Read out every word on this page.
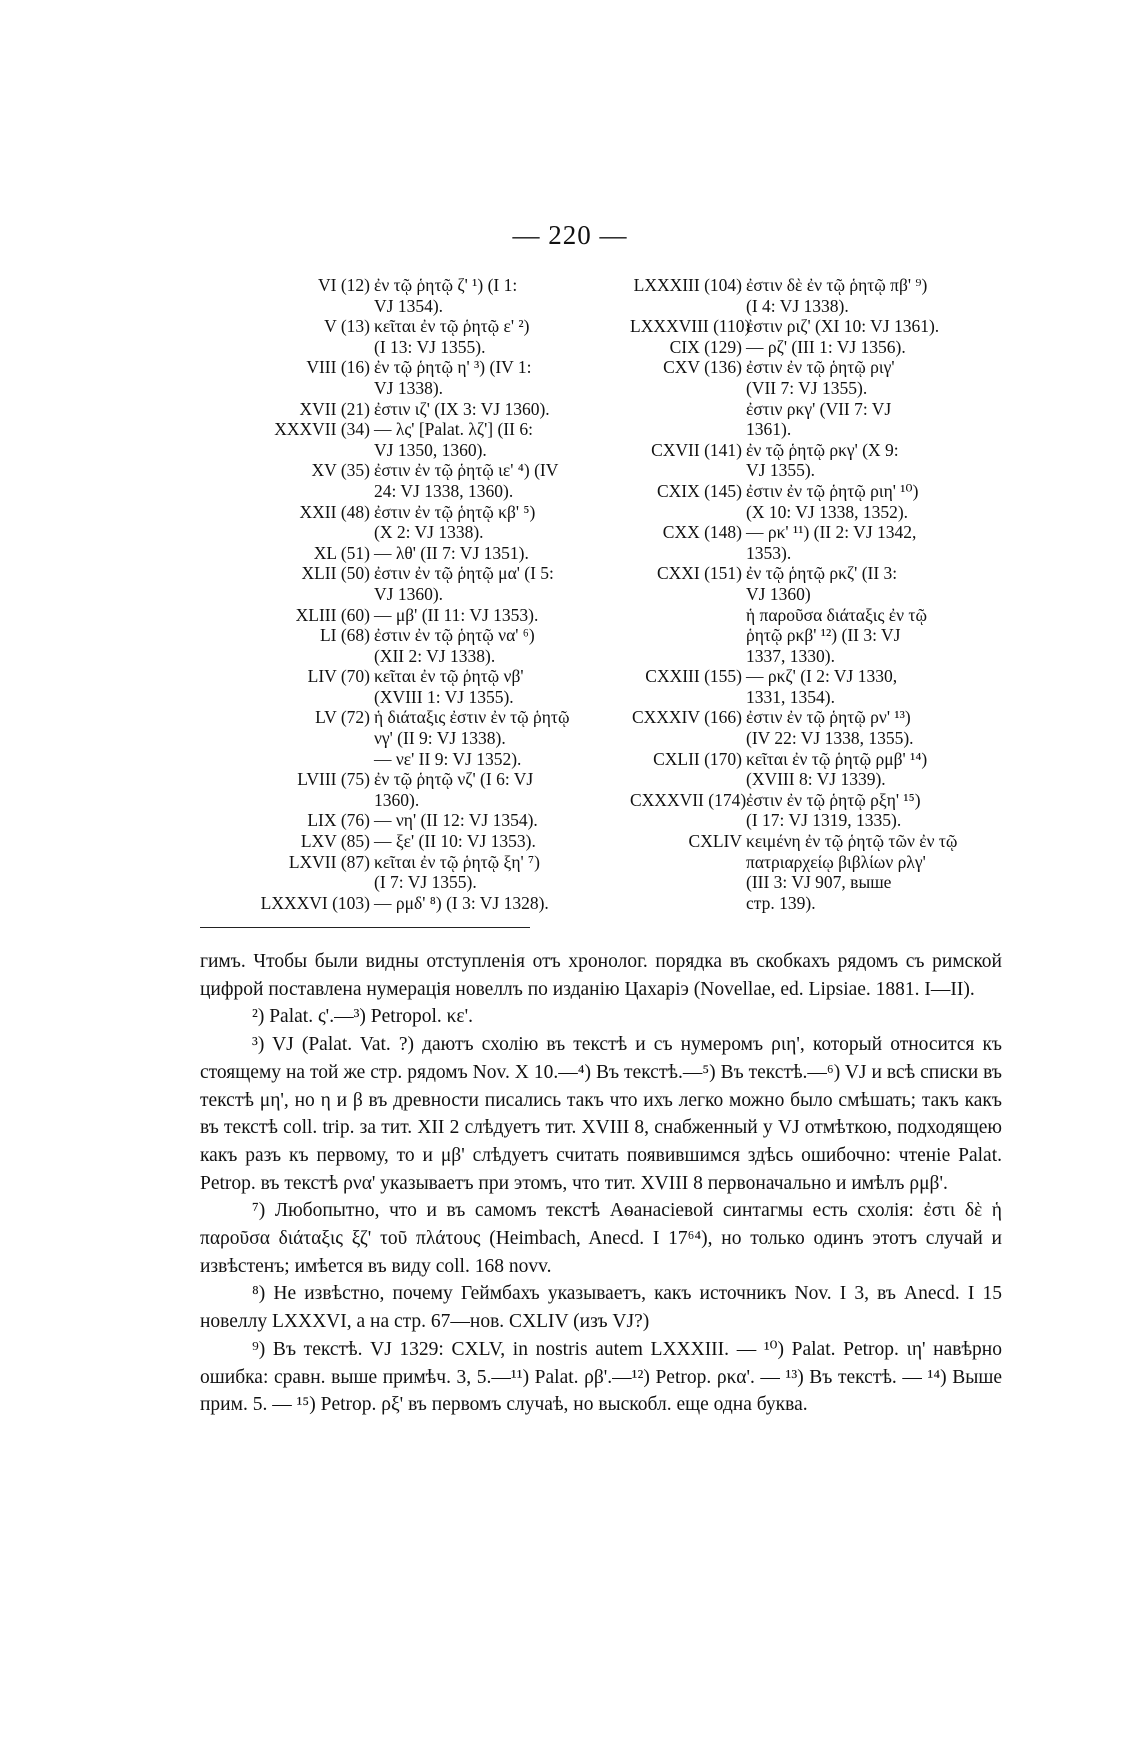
— 220 —
VI (12) ἐν τῷ ῥητῷ ζ' ¹) (I 1:
VJ 1354).
V (13) κεῖται ἐν τῷ ῥητῷ ε' ²)
(I 13: VJ 1355).
VIII (16) ἐν τῷ ῥητῷ η' ³) (IV 1:
VJ 1338).
XVII (21) ἐστιν ιζ' (IX 3: VJ 1360).
XXXVII (34) — λς' [Palat. λζ'] (II 6:
VJ 1350, 1360).
XV (35) ἐστιν ἐν τῷ ῥητῷ ιε' ⁴) (IV
24: VJ 1338, 1360).
XXII (48) ἐστιν ἐν τῷ ῥητῷ κβ' ⁵)
(X 2: VJ 1338).
XL (51) — λθ' (II 7: VJ 1351).
XLII (50) ἐστιν ἐν τῷ ῥητῷ μα' (I 5:
VJ 1360).
XLIII (60) — μβ' (II 11: VJ 1353).
LI (68) ἐστιν ἐν τῷ ῥητῷ να' ⁶)
(XII 2: VJ 1338).
LIV (70) κεῖται ἐν τῷ ῥητῷ νβ'
(XVIII 1: VJ 1355).
LV (72) ἡ διάταξις ἐστιν ἐν τῷ ῥητῷ
νγ' (II 9: VJ 1338).
— νε' II 9: VJ 1352).
LVIII (75) ἐν τῷ ῥητῷ νζ' (I 6: VJ
1360).
LIX (76) — νη' (II 12: VJ 1354).
LXV (85) — ξε' (II 10: VJ 1353).
LXVII (87) κεῖται ἐν τῷ ῥητῷ ξη' ⁷)
(I 7: VJ 1355).
LXXXVI (103) — ρμδ' ⁸) (I 3: VJ 1328).
LXXXIII (104) ἐστιν δὲ ἐν τῷ ῥητῷ πβ' ⁹)
(I 4: VJ 1338).
LXXXVIII (110)
ἐστιν ριζ' (XI 10: VJ 1361).
CIX (129) — ρζ' (III 1: VJ 1356).
CXV (136) ἐστιν ἐν τῷ ῥητῷ ριγ'
(VII 7: VJ 1355).
ἐστιν ρκγ' (VII 7: VJ
1361).
CXVII (141) ἐν τῷ ῥητῷ ρκγ' (X 9:
VJ 1355).
CXIX (145) ἐστιν ἐν τῷ ῥητῷ ριη' ¹⁰)
(X 10: VJ 1338, 1352).
CXX (148) — ρκ' ¹¹) (II 2: VJ 1342,
1353).
CXXI (151) ἐν τῷ ῥητῷ ρκζ' (II 3:
VJ 1360)
ἡ παροῦσα διάταξις ἐν τῷ
ῥητῷ ρκβ' ¹²) (II 3: VJ
1337, 1330).
CXXIII (155) — ρκζ' (I 2: VJ 1330,
1331, 1354).
CXXXIV (166) ἐστιν ἐν τῷ ῥητῷ ρν' ¹³)
(IV 22: VJ 1338, 1355).
CXLII (170) κεῖται ἐν τῷ ῥητῷ ρμβ' ¹⁴)
(XVIII 8: VJ 1339).
CXXXVII (174) ἐστιν ἐν τῷ ῥητῷ ρξη' ¹⁵)
(I 17: VJ 1319, 1335).
CXLIV κειμένη ἐν τῷ ῥητῷ τῶν ἐν τῷ
πατριαρχείῳ βιβλίων ρλγ'
(III 3: VJ 907, выше
стр. 139).

гимъ. Чтобы были видны отступленія отъ хронолог. порядка въ скобкахъ рядомъ съ римской цифрой поставлена нумерація новеллъ по изданію Цахаріэ (Novellae, ed. Lipsiae. 1881. I—II).

²) Palat. ς'.—³) Petropol. κε'.

³) VJ (Palat. Vat. ?) даютъ схолію въ текстѣ и съ нумеромъ ριη', который относится къ стоящему на той же стр. рядомъ Nov. X 10.—⁴) Въ текстѣ.—⁵) Въ текстѣ.—⁶) VJ и всѣ списки въ текстѣ μη', но η и β въ древности писались такъ что ихъ легко можно было смѣшать; такъ какъ въ текстѣ coll. trip. за тит. XII 2 слѣдуетъ тит. XVIII 8, снабженный у VJ отмѣткою, подходящею какъ разъ къ первому, то и μβ' слѣдуетъ считать появившимся здѣсь ошибочно: чтеніе Palat. Petrop. въ текстѣ ρνα' указываетъ при этомъ, что тит. XVIII 8 первоначально и имѣлъ ρμβ'.

⁷) Любопытно, что и въ самомъ текстѣ Аѳанасіевой синтагмы есть схолія: ἐστι δὲ ἡ παροῦσα διάταξις ξζ' τοῦ πλάτους (Heimbach, Anecd. I 17⁶⁴), но только одинъ этотъ случай и извѣстенъ; имѣется въ виду coll. 168 novv.

⁸) Не извѣстно, почему Геймбахъ указываетъ, какъ источникъ Nov. I 3, въ Anecd. I 15 новеллу LXXXVI, а на стр. 67—нов. CXLIV (изъ VJ?)

⁹) Въ текстѣ. VJ 1329: CXLV, in nostris autem LXXXIII. — ¹⁰) Palat. Petrop. ιη' навѣрно ошибка: сравн. выше примѣч. 3, 5.—¹¹) Palat. ρβ'.—¹²) Petrop. ρκα'. — ¹³) Въ текстѣ. — ¹⁴) Выше прим. 5. — ¹⁵) Petrop. ρξ' въ первомъ случаѣ, но выскобл. еще одна буква.
